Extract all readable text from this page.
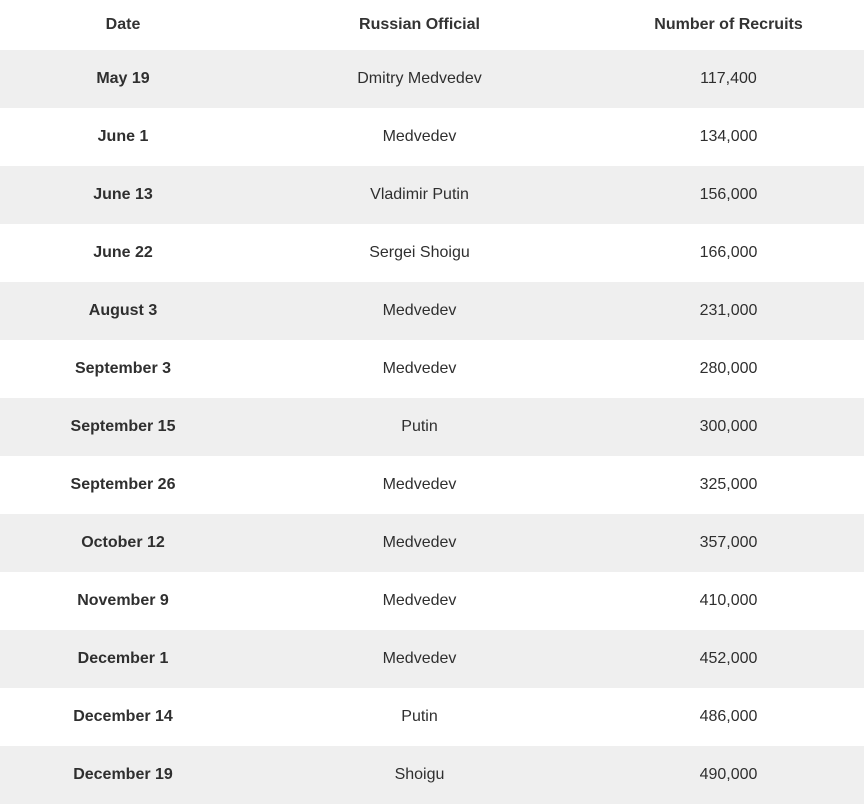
Date	Russian Official	Number of Recruits
May 19	Dmitry Medvedev	117,400
June 1	Medvedev	134,000
June 13	Vladimir Putin	156,000
June 22	Sergei Shoigu	166,000
August 3	Medvedev	231,000
September 3	Medvedev	280,000
September 15	Putin	300,000
September 26	Medvedev	325,000
October 12	Medvedev	357,000
November 9	Medvedev	410,000
December 1	Medvedev	452,000
December 14	Putin	486,000
December 19	Shoigu	490,000
